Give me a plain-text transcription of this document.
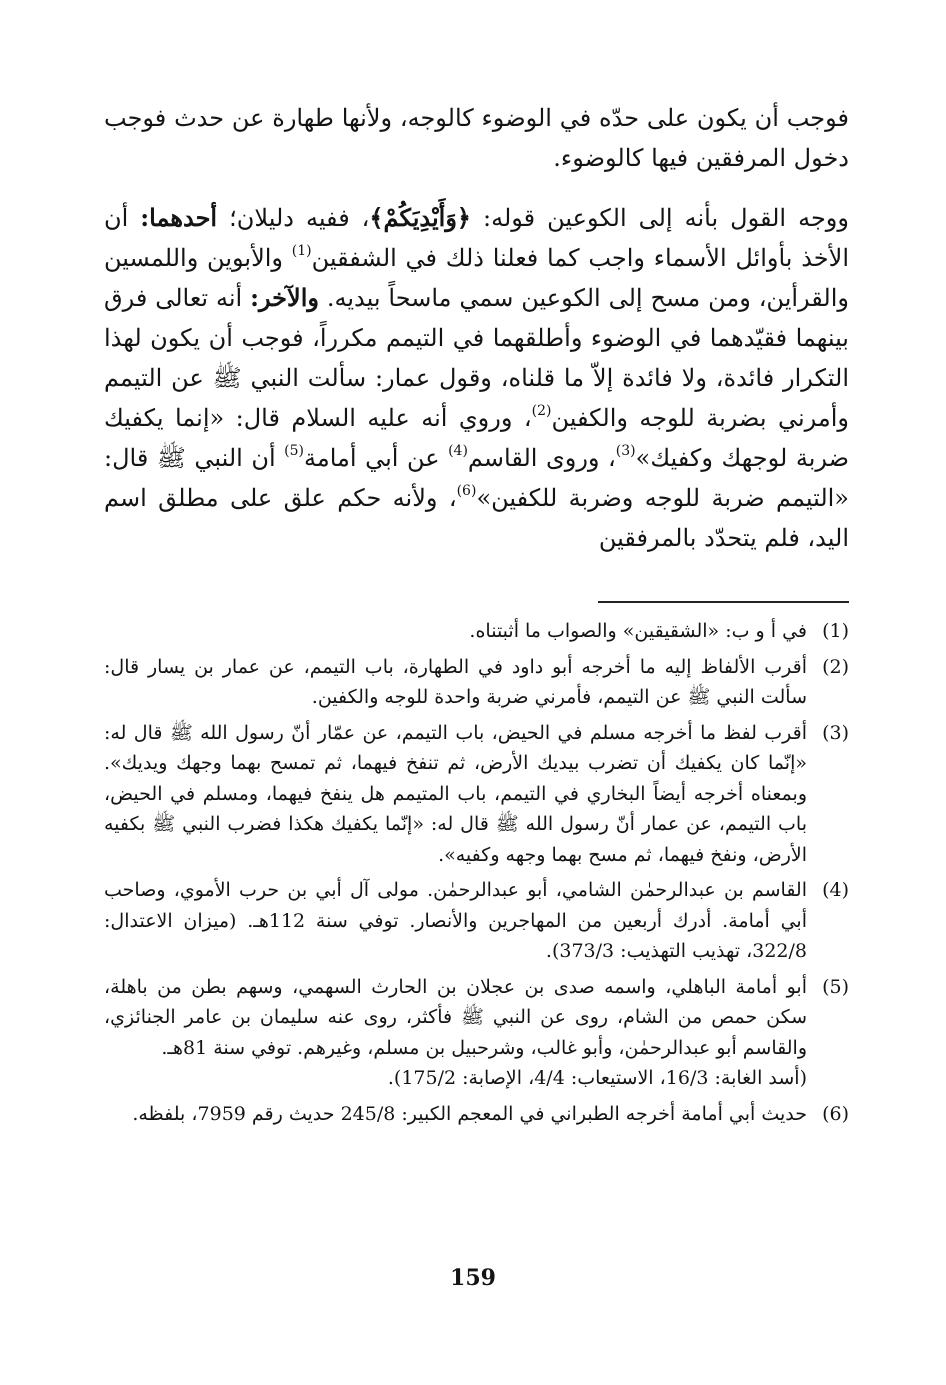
فوجب أن يكون على حدّه في الوضوء كالوجه، ولأنها طهارة عن حدث فوجب دخول المرفقين فيها كالوضوء.

ووجه القول بأنه إلى الكوعين قوله: ﴿وَأَيْدِيَكُمْ﴾، ففيه دليلان؛ أحدهما: أن الأخذ بأوائل الأسماء واجب كما فعلنا ذلك في الشفقين$^{(1)}$ والأبوين واللمسين والقرأين، ومن مسح إلى الكوعين سمي ماسحاً بيديه. والآخر: أنه تعالى فرق بينهما فقيّدهما في الوضوء وأطلقهما في التيمم مكرراً، فوجب أن يكون لهذا التكرار فائدة، ولا فائدة إلاّ ما قلناه، وقول عمار: سألت النبي ﷺ عن التيمم وأمرني بضربة للوجه والكفين$^{(2)}$، وروي أنه عليه السلام قال: «إنما يكفيك ضربة لوجهك وكفيك»$^{(3)}$، وروى القاسم$^{(4)}$ عن أبي أمامة$^{(5)}$ أن النبي ﷺ قال: «التيمم ضربة للوجه وضربة للكفين»$^{(6)}$، ولأنه حكم علق على مطلق اسم اليد، فلم يتحدّد بالمرفقين

(1)
في أ و ب: «الشقيقين» والصواب ما أثبتناه.
(2)
أقرب الألفاظ إليه ما أخرجه أبو داود في الطهارة، باب التيمم، عن عمار بن يسار قال: سألت النبي ﷺ عن التيمم، فأمرني ضربة واحدة للوجه والكفين.
(3)
أقرب لفظ ما أخرجه مسلم في الحيض، باب التيمم، عن عمّار أنّ رسول الله ﷺ قال له: «إنّما كان يكفيك أن تضرب بيديك الأرض، ثم تنفخ فيهما، ثم تمسح بهما وجهك ويديك». وبمعناه أخرجه أيضاً البخاري في التيمم، باب المتيمم هل ينفخ فيهما، ومسلم في الحيض، باب التيمم، عن عمار أنّ رسول الله ﷺ قال له: «إنّما يكفيك هكذا فضرب النبي ﷺ بكفيه الأرض، ونفخ فيهما، ثم مسح بهما وجهه وكفيه».
(4)
القاسم بن عبدالرحمٰن الشامي، أبو عبدالرحمٰن. مولى آل أبي بن حرب الأموي، وصاحب أبي أمامة. أدرك أربعين من المهاجرين والأنصار. توفي سنة 112هـ. (ميزان الاعتدال: 322/8، تهذيب التهذيب: 373/3).
(5)
أبو أمامة الباهلي، واسمه صدى بن عجلان بن الحارث السهمي، وسهم بطن من باهلة، سكن حمص من الشام، روى عن النبي ﷺ فأكثر، روى عنه سليمان بن عامر الجنائزي، والقاسم أبو عبدالرحمٰن، وأبو غالب، وشرحبيل بن مسلم، وغيرهم. توفي سنة 81هـ.
(أسد الغابة: 16/3، الاستيعاب: 4/4، الإصابة: 175/2).
(6)
حديث أبي أمامة أخرجه الطبراني في المعجم الكبير: 245/8 حديث رقم 7959، بلفظه.
159
